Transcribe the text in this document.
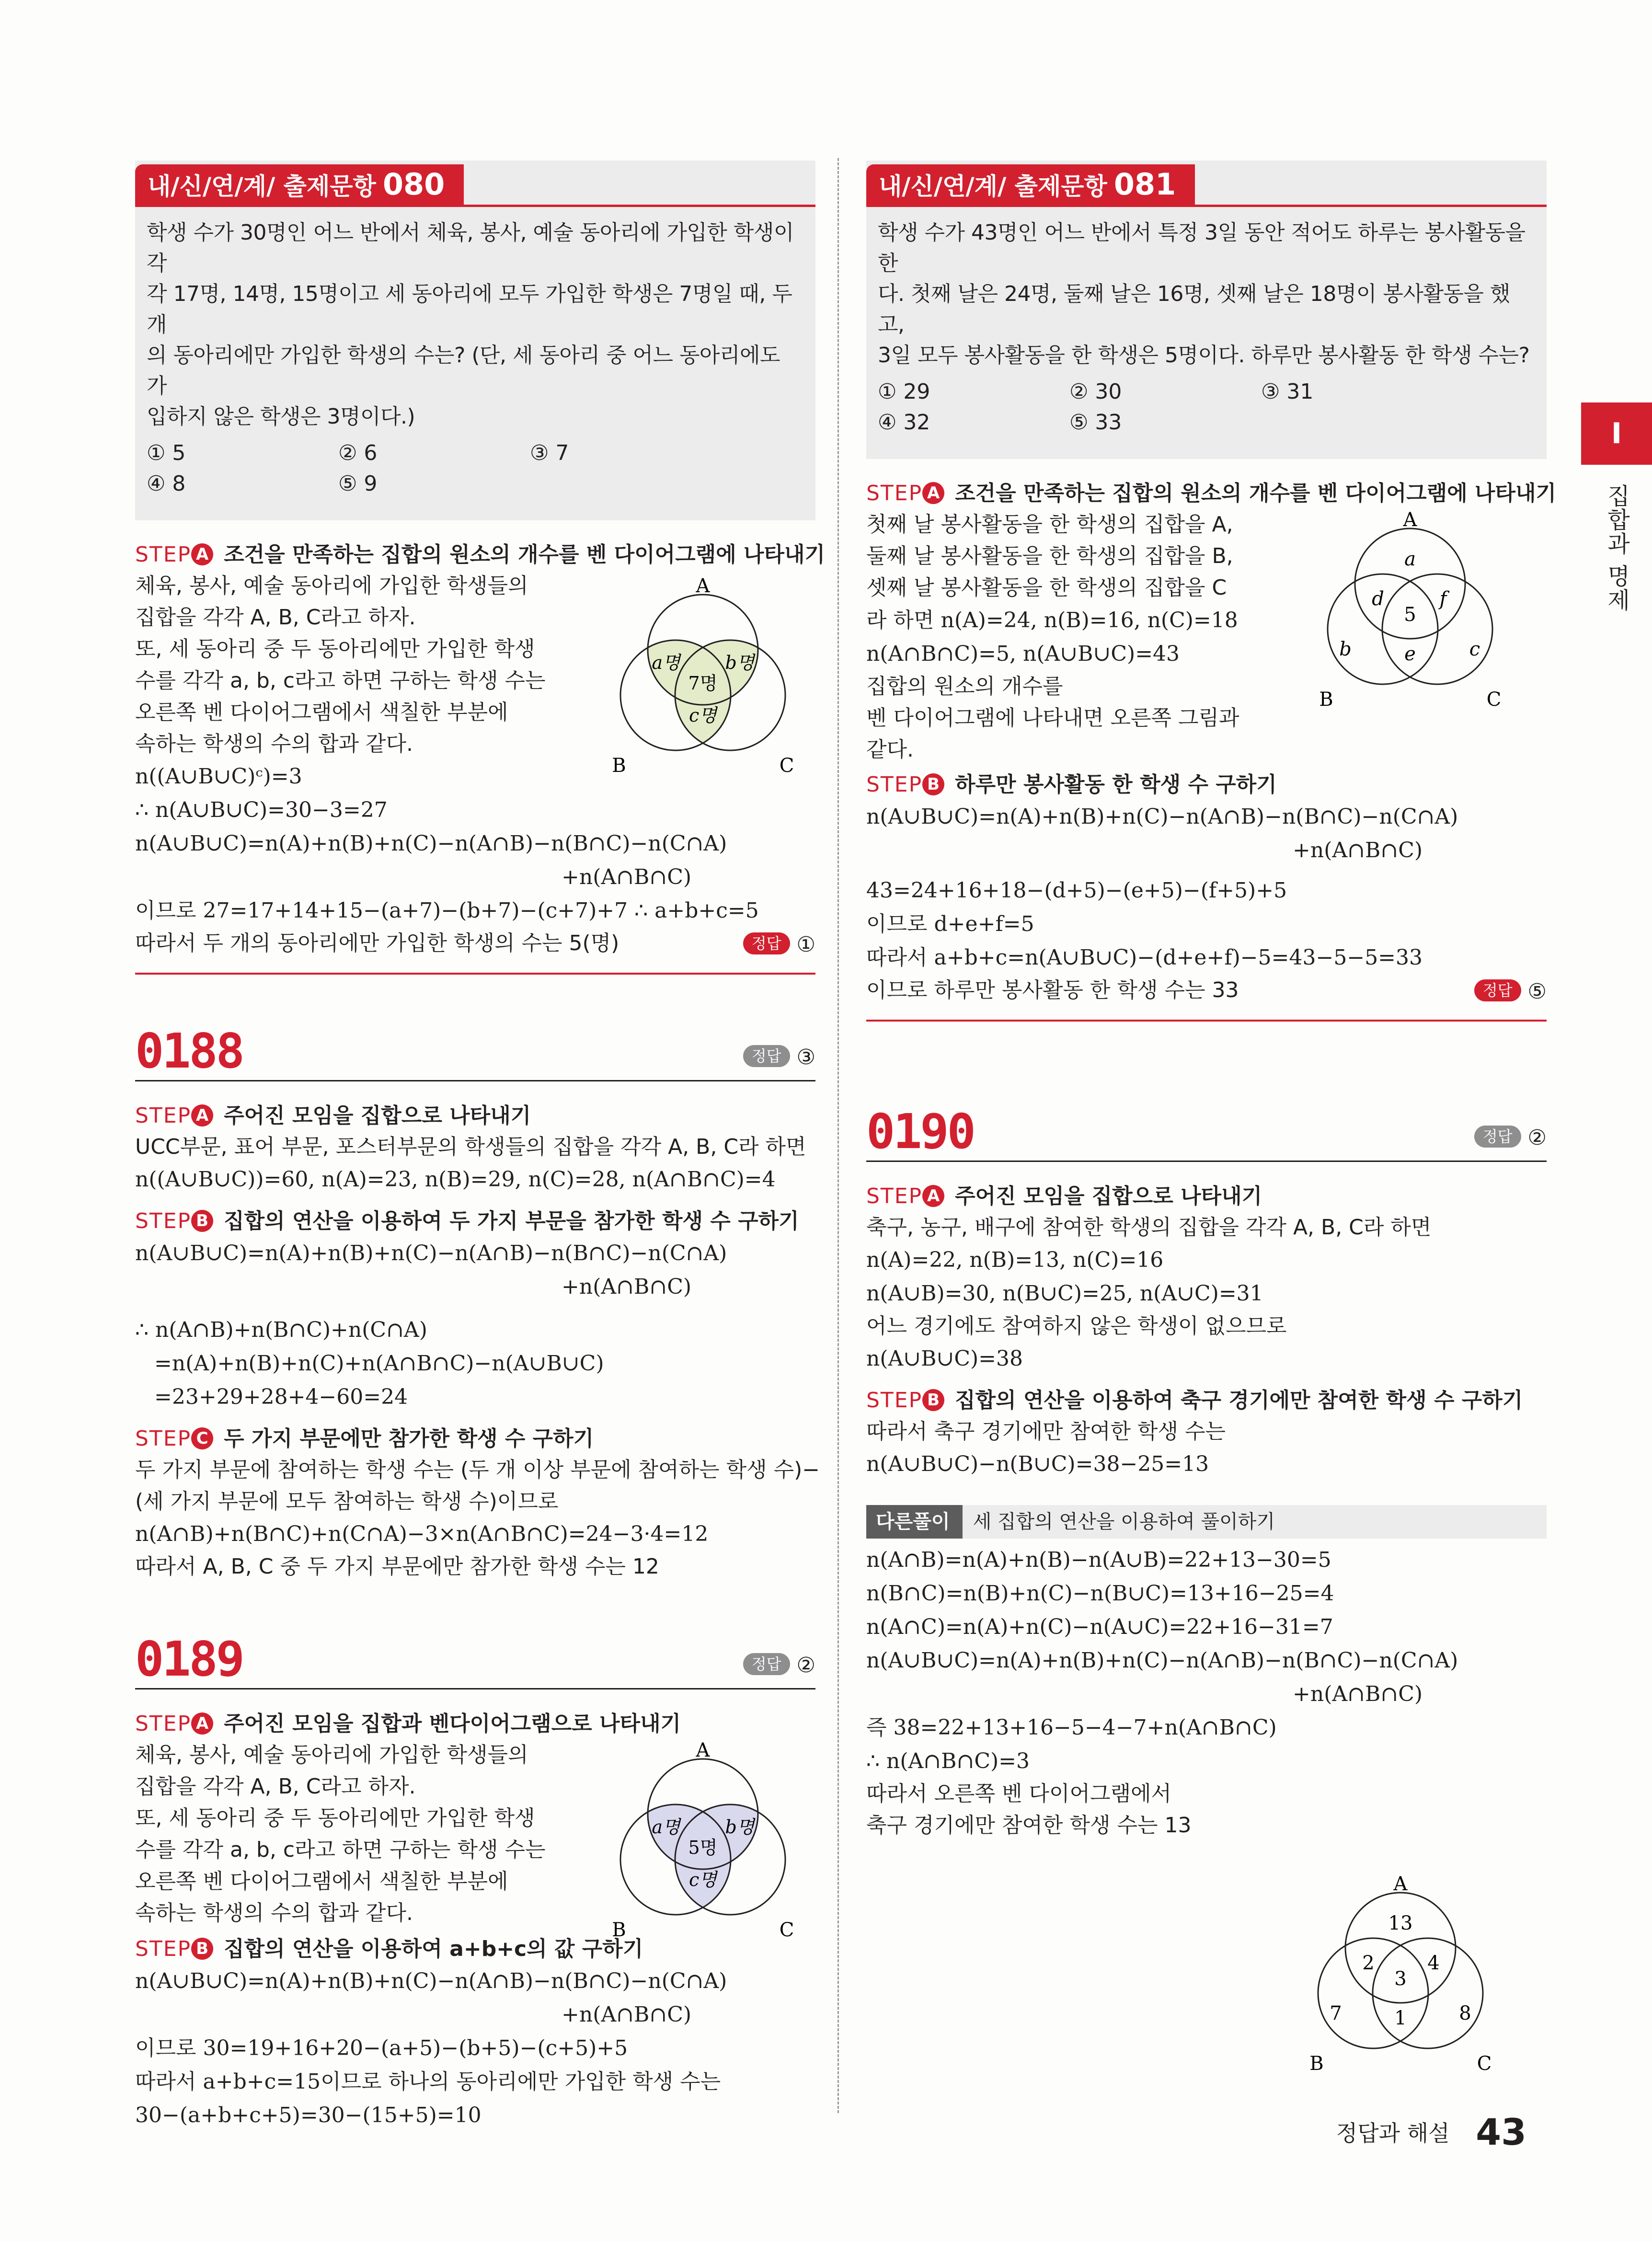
I
집합과 명제
내/신/연/계/ 출제문항 080
학생 수가 30명인 어느 반에서 체육, 봉사, 예술 동아리에 가입한 학생이 각
각 17명, 14명, 15명이고 세 동아리에 모두 가입한 학생은 7명일 때, 두 개
의 동아리에만 가입한 학생의 수는? (단, 세 동아리 중 어느 동아리에도 가
입하지 않은 학생은 3명이다.)
① 5	② 6	③ 7
④ 8	⑤ 9
STEP A 조건을 만족하는 집합의 원소의 개수를 벤 다이어그램에 나타내기

체육, 봉사, 예술 동아리에 가입한 학생들의

집합을 각각 A, B, C라고 하자.

또, 세 동아리 중 두 동아리에만 가입한 학생

수를 각각 a, b, c라고 하면 구하는 학생 수는

오른쪽 벤 다이어그램에서 색칠한 부분에

속하는 학생의 수의 합과 같다.

n((A∪B∪C)ᶜ)=3

∴ n(A∪B∪C)=30−3=27

n(A∪B∪C)=n(A)+n(B)+n(C)−n(A∩B)−n(B∩C)−n(C∩A)

+n(A∩B∩C)

이므로 27=17+14+15−(a+7)−(b+7)−(c+7)+7 ∴ a+b+c=5

따라서 두 개의 동아리에만 가입한 학생의 수는 5(명)	정답 ①
A
B	C
a명 b명
7명
c명
0188	정답 ③
STEP A 주어진 모임을 집합으로 나타내기

UCC부문, 표어 부문, 포스터부문의 학생들의 집합을 각각 A, B, C라 하면

n((A∪B∪C))=60, n(A)=23, n(B)=29, n(C)=28, n(A∩B∩C)=4

STEP B 집합의 연산을 이용하여 두 가지 부문을 참가한 학생 수 구하기

n(A∪B∪C)=n(A)+n(B)+n(C)−n(A∩B)−n(B∩C)−n(C∩A)

+n(A∩B∩C)

∴ n(A∩B)+n(B∩C)+n(C∩A)

=n(A)+n(B)+n(C)+n(A∩B∩C)−n(A∪B∪C)

=23+29+28+4−60=24

STEP C 두 가지 부문에만 참가한 학생 수 구하기

두 가지 부문에 참여하는 학생 수는 (두 개 이상 부문에 참여하는 학생 수)−

(세 가지 부문에 모두 참여하는 학생 수)이므로

n(A∩B)+n(B∩C)+n(C∩A)−3×n(A∩B∩C)=24−3·4=12

따라서 A, B, C 중 두 가지 부문에만 참가한 학생 수는 12

0189	정답 ②
STEP A 주어진 모임을 집합과 벤다이어그램으로 나타내기

체육, 봉사, 예술 동아리에 가입한 학생들의

집합을 각각 A, B, C라고 하자.

또, 세 동아리 중 두 동아리에만 가입한 학생

수를 각각 a, b, c라고 하면 구하는 학생 수는

오른쪽 벤 다이어그램에서 색칠한 부분에

속하는 학생의 수의 합과 같다.

STEP B 집합의 연산을 이용하여 a+b+c의 값 구하기

n(A∪B∪C)=n(A)+n(B)+n(C)−n(A∩B)−n(B∩C)−n(C∩A)

+n(A∩B∩C)

이므로 30=19+16+20−(a+5)−(b+5)−(c+5)+5

따라서 a+b+c=15이므로 하나의 동아리에만 가입한 학생 수는

30−(a+b+c+5)=30−(15+5)=10

A
B	C
a명 b명
5명
c명
내/신/연/계/ 출제문항 081
학생 수가 43명인 어느 반에서 특정 3일 동안 적어도 하루는 봉사활동을 한
다. 첫째 날은 24명, 둘째 날은 16명, 셋째 날은 18명이 봉사활동을 했고,
3일 모두 봉사활동을 한 학생은 5명이다. 하루만 봉사활동 한 학생 수는?
① 29	② 30	③ 31
④ 32	⑤ 33
STEP A 조건을 만족하는 집합의 원소의 개수를 벤 다이어그램에 나타내기

첫째 날 봉사활동을 한 학생의 집합을 A,

둘째 날 봉사활동을 한 학생의 집합을 B,

셋째 날 봉사활동을 한 학생의 집합을 C

라 하면 n(A)=24, n(B)=16, n(C)=18

n(A∩B∩C)=5, n(A∪B∪C)=43

집합의 원소의 개수를

벤 다이어그램에 나타내면 오른쪽 그림과

같다.

STEP B 하루만 봉사활동 한 학생 수 구하기

n(A∪B∪C)=n(A)+n(B)+n(C)−n(A∩B)−n(B∩C)−n(C∩A)

+n(A∩B∩C)

43=24+16+18−(d+5)−(e+5)−(f+5)+5

이므로 d+e+f=5

따라서 a+b+c=n(A∪B∪C)−(d+e+f)−5=43−5−5=33

이므로 하루만 봉사활동 한 학생 수는 33	정답 ⑤
A
B	C
a
b	c
d	f
e
5
0190	정답 ②
STEP A 주어진 모임을 집합으로 나타내기

축구, 농구, 배구에 참여한 학생의 집합을 각각 A, B, C라 하면

n(A)=22, n(B)=13, n(C)=16

n(A∪B)=30, n(B∪C)=25, n(A∪C)=31

어느 경기에도 참여하지 않은 학생이 없으므로

n(A∪B∪C)=38

STEP B 집합의 연산을 이용하여 축구 경기에만 참여한 학생 수 구하기

따라서 축구 경기에만 참여한 학생 수는

n(A∪B∪C)−n(B∪C)=38−25=13

다른풀이 세 집합의 연산을 이용하여 풀이하기

n(A∩B)=n(A)+n(B)−n(A∪B)=22+13−30=5

n(B∩C)=n(B)+n(C)−n(B∪C)=13+16−25=4

n(A∩C)=n(A)+n(C)−n(A∪C)=22+16−31=7

n(A∪B∪C)=n(A)+n(B)+n(C)−n(A∩B)−n(B∩C)−n(C∩A)

+n(A∩B∩C)

즉 38=22+13+16−5−4−7+n(A∩B∩C)

∴ n(A∩B∩C)=3

따라서 오른쪽 벤 다이어그램에서

축구 경기에만 참여한 학생 수는 13

A
B	C
13
2	4
3
7	1	8
정답과 해설 43
